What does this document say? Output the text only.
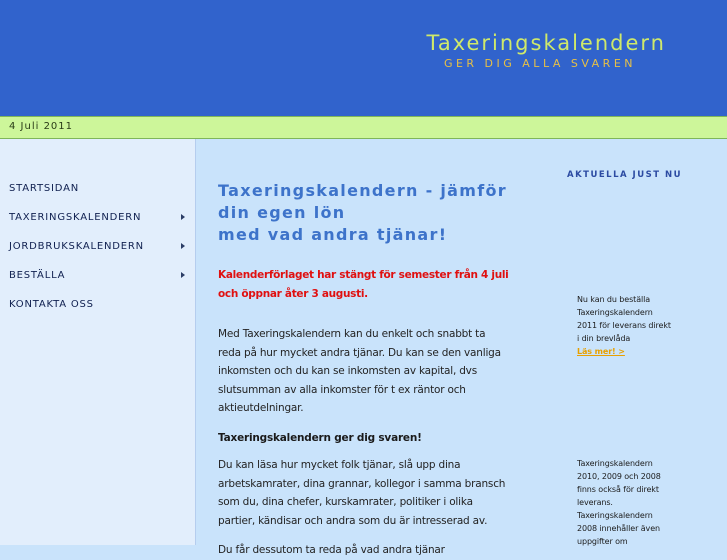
Taxeringskalendern
GER DIG ALLA SVAREN
4 Juli 2011
STARTSIDAN
TAXERINGSKALENDERN
JORDBRUKSKALENDERN
BESTÄLLA
KONTAKTA OSS
Taxeringskalendern - jämför
din egen lön
med vad andra tjänar!
Kalenderförlaget har stängt för semester från 4 juli
och öppnar åter 3 augusti.
Med Taxeringskalendern kan du enkelt och snabbt ta
reda på hur mycket andra tjänar. Du kan se den vanliga
inkomsten och du kan se inkomsten av kapital, dvs
slutsumman av alla inkomster för t ex räntor och
aktieutdelningar.
Taxeringskalendern ger dig svaren!
Du kan läsa hur mycket folk tjänar, slå upp dina
arbetskamrater, dina grannar, kollegor i samma bransch
som du, dina chefer, kurskamrater, politiker i olika
partier, kändisar och andra som du är intresserad av.
Du får dessutom ta reda på vad andra tjänar
AKTUELLA JUST NU
Nu kan du beställa
Taxeringskalendern
2011 för leverans direkt
i din brevlåda
Läs mer! >
Taxeringskalendern
2010, 2009 och 2008
finns också för direkt
leverans.
Taxeringskalendern
2008 innehåller även
uppgifter om
